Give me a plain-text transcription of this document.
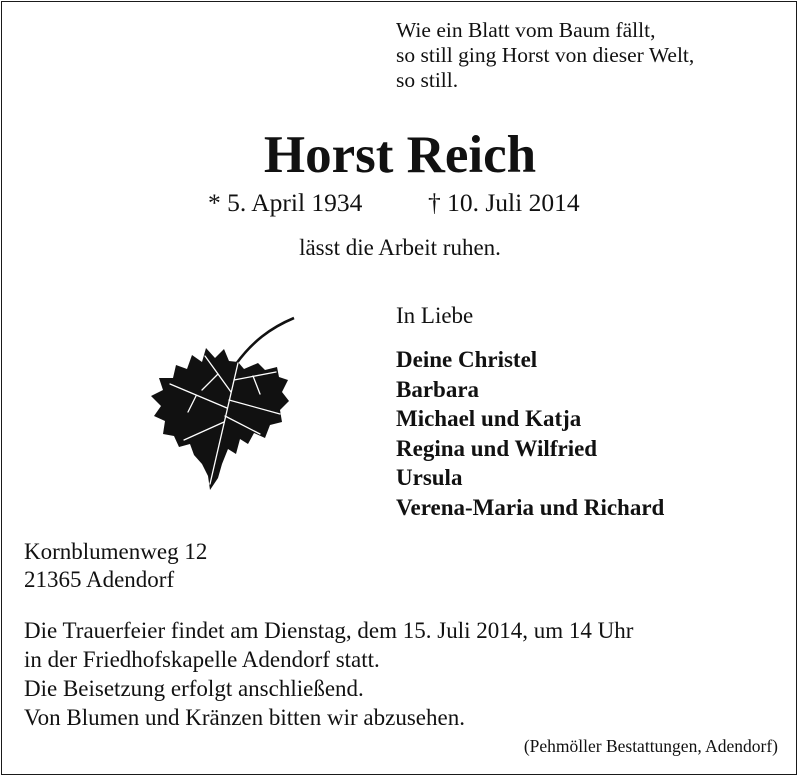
Wie ein Blatt vom Baum fällt,
so still ging Horst von dieser Welt,
so still.
Horst Reich
* 5. April 1934	† 10. Juli 2014
lässt die Arbeit ruhen.
In Liebe
Deine Christel
Barbara
Michael und Katja
Regina und Wilfried
Ursula
Verena-Maria und Richard
Kornblumenweg 12
21365 Adendorf
Die Trauerfeier findet am Dienstag, dem 15. Juli 2014, um 14 Uhr
in der Friedhofskapelle Adendorf statt.
Die Beisetzung erfolgt anschließend.
Von Blumen und Kränzen bitten wir abzusehen.
(Pehmöller Bestattungen, Adendorf)
